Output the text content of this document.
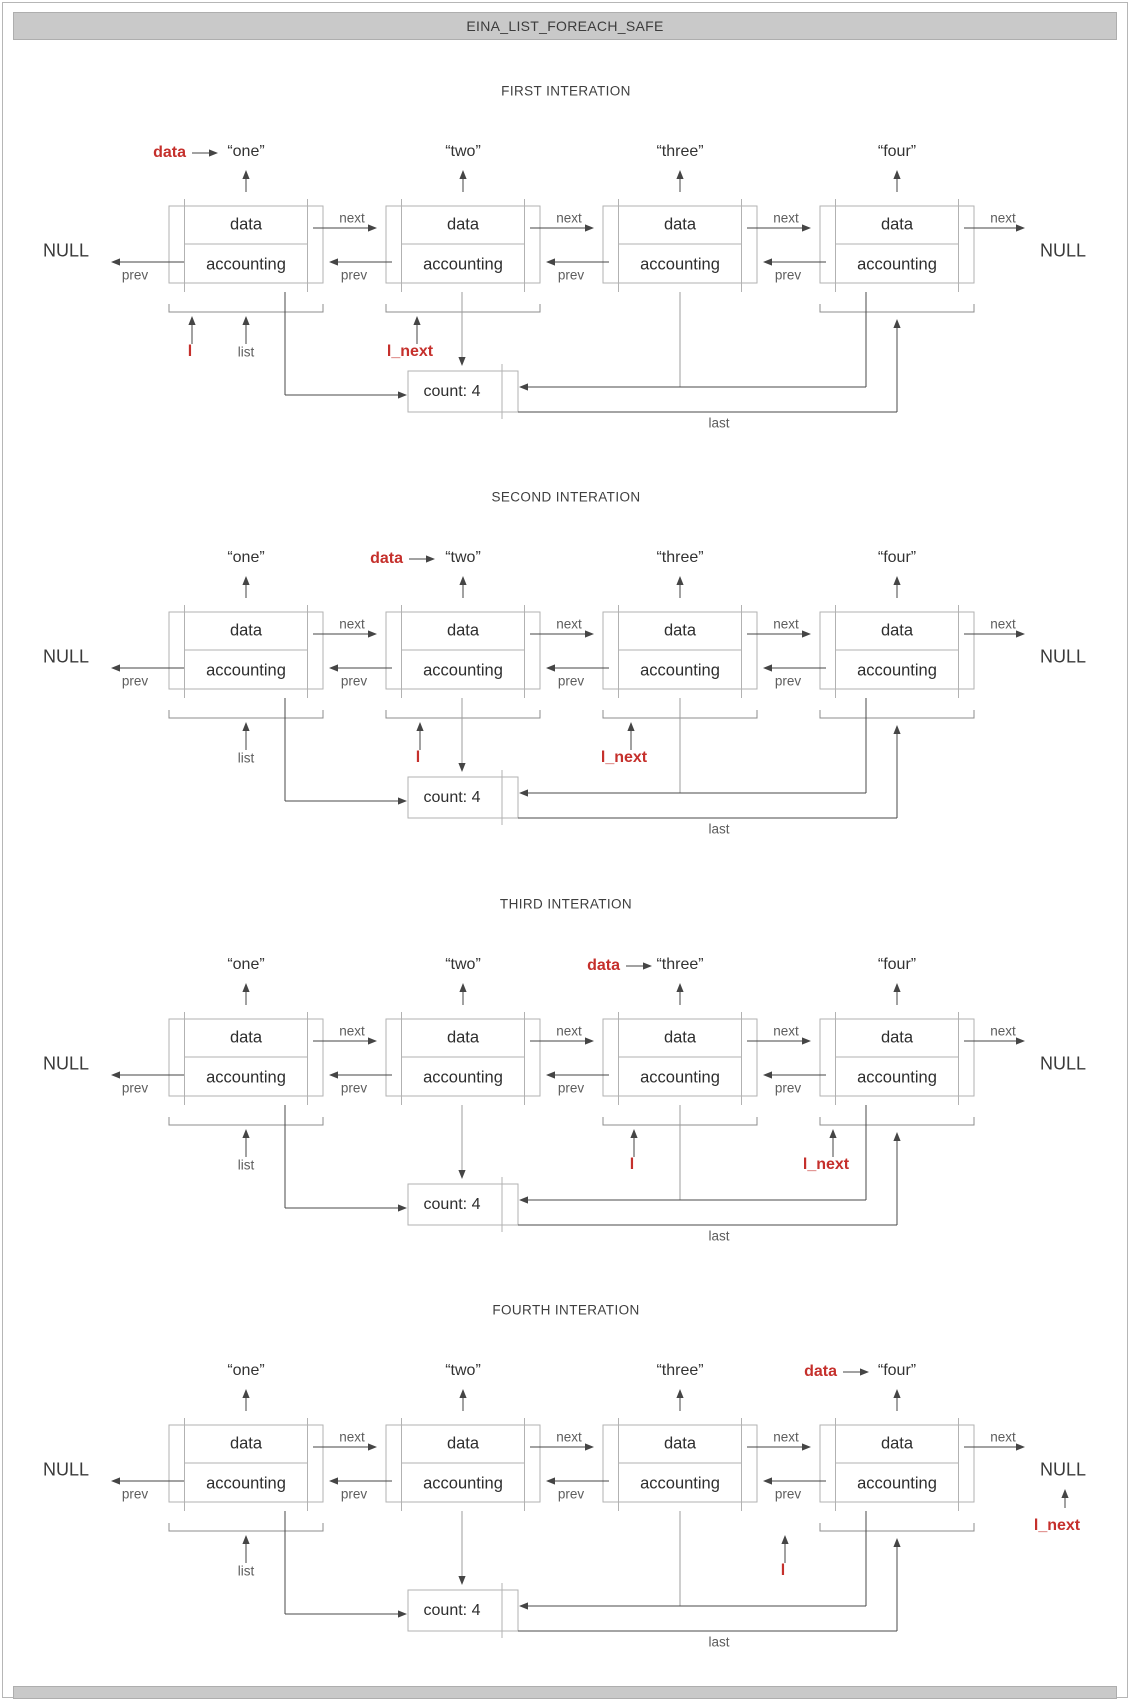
EINA_LIST_FOREACH_SAFE
FIRST INTERATION
data
accounting
“one”
data
accounting
“two”
data
accounting
“three”
data
accounting
“four”
data
next	next	next	next
prev	prev	prev
prev
NULL	NULL
list
l	l_next
count: 4
last
SECOND INTERATION
data
accounting
“one”
data
accounting
“two”
data
accounting
“three”
data
accounting
“four”
data
next	next	next	next
prev	prev	prev
prev
NULL	NULL
list	l	l_next
count: 4
last
THIRD INTERATION
data
accounting
“one”
data
accounting
“two”
data
accounting
“three”
data
accounting
“four”
data
next	next	next	next
prev	prev	prev
prev
NULL	NULL
list	l	l_next
count: 4
last
FOURTH INTERATION
data
accounting
“one”
data
accounting
“two”
data
accounting
“three”
data
accounting
“four”
data
next	next	next	next
prev	prev	prev
prev
NULL	NULL
list	l
l_next
count: 4
last
